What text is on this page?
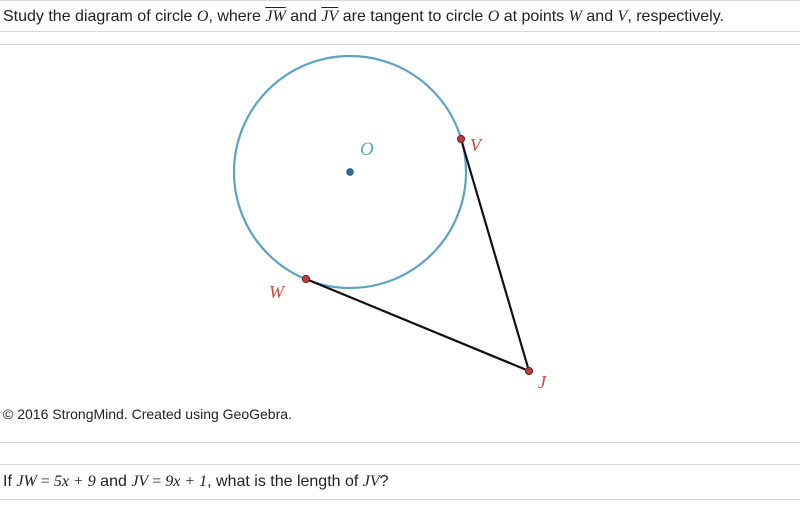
Study the diagram of circle O, where $\overline{JW}$ and $\overline{JV}$ are tangent to circle O at points W and V, respectively.
O	V
W
J
© 2016 StrongMind. Created using GeoGebra.
If JW = 5x + 9 and JV = 9x + 1, what is the length of JV?
